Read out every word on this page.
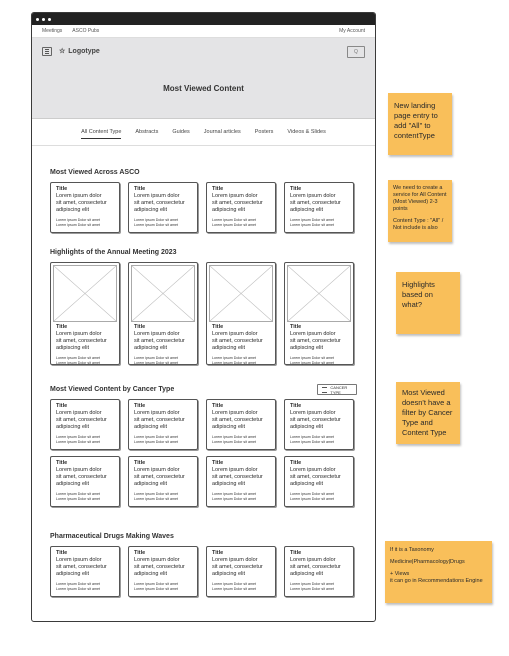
Meetings ASCO Pubs	My Account
☆ Logotype	Q
Most Viewed Content
All Content Type	Abstracts	Guides	Journal articles	Posters	Videos & Slides
Most Viewed Across ASCO
Title
Lorem ipsum dolor
sit amet, consectetur
adipiscing elit
Lorem ipsum Dolor sit amet
Lorem ipsum Dolor sit amet
Title
Lorem ipsum dolor
sit amet, consectetur
adipiscing elit
Lorem ipsum Dolor sit amet
Lorem ipsum Dolor sit amet
Title
Lorem ipsum dolor
sit amet, consectetur
adipiscing elit
Lorem ipsum Dolor sit amet
Lorem ipsum Dolor sit amet
Title
Lorem ipsum dolor
sit amet, consectetur
adipiscing elit
Lorem ipsum Dolor sit amet
Lorem ipsum Dolor sit amet
Highlights of the Annual Meeting 2023
Title
Lorem ipsum dolor
sit amet, consectetur
adipiscing elit
Lorem ipsum Dolor sit amet
Lorem ipsum Dolor sit amet
Title
Lorem ipsum dolor
sit amet, consectetur
adipiscing elit
Lorem ipsum Dolor sit amet
Lorem ipsum Dolor sit amet
Title
Lorem ipsum dolor
sit amet, consectetur
adipiscing elit
Lorem ipsum Dolor sit amet
Lorem ipsum Dolor sit amet
Title
Lorem ipsum dolor
sit amet, consectetur
adipiscing elit
Lorem ipsum Dolor sit amet
Lorem ipsum Dolor sit amet
Most Viewed Content by Cancer Type	CANCER TYPE
Title
Lorem ipsum dolor
sit amet, consectetur
adipiscing elit
Lorem ipsum Dolor sit amet
Lorem ipsum Dolor sit amet
Title
Lorem ipsum dolor
sit amet, consectetur
adipiscing elit
Lorem ipsum Dolor sit amet
Lorem ipsum Dolor sit amet
Title
Lorem ipsum dolor
sit amet, consectetur
adipiscing elit
Lorem ipsum Dolor sit amet
Lorem ipsum Dolor sit amet
Title
Lorem ipsum dolor
sit amet, consectetur
adipiscing elit
Lorem ipsum Dolor sit amet
Lorem ipsum Dolor sit amet
Title
Lorem ipsum dolor
sit amet, consectetur
adipiscing elit
Lorem ipsum Dolor sit amet
Lorem ipsum Dolor sit amet
Title
Lorem ipsum dolor
sit amet, consectetur
adipiscing elit
Lorem ipsum Dolor sit amet
Lorem ipsum Dolor sit amet
Title
Lorem ipsum dolor
sit amet, consectetur
adipiscing elit
Lorem ipsum Dolor sit amet
Lorem ipsum Dolor sit amet
Title
Lorem ipsum dolor
sit amet, consectetur
adipiscing elit
Lorem ipsum Dolor sit amet
Lorem ipsum Dolor sit amet
Pharmaceutical Drugs Making Waves
Title
Lorem ipsum dolor
sit amet, consectetur
adipiscing elit
Lorem ipsum Dolor sit amet
Lorem ipsum Dolor sit amet
Title
Lorem ipsum dolor
sit amet, consectetur
adipiscing elit
Lorem ipsum Dolor sit amet
Lorem ipsum Dolor sit amet
Title
Lorem ipsum dolor
sit amet, consectetur
adipiscing elit
Lorem ipsum Dolor sit amet
Lorem ipsum Dolor sit amet
Title
Lorem ipsum dolor
sit amet, consectetur
adipiscing elit
Lorem ipsum Dolor sit amet
Lorem ipsum Dolor sit amet
New landing page entry to add "All" to contentType
We need to create a service for All Content (Most Viewed) 2-3 points
Content Type : "All" / Not include is also
Highlights based on what?
Most Viewed doesn't have a filter by Cancer Type and Content Type
If it is a Taxonomy
Medicine|Pharmacology|Drugs
+ Views
it can go in Recommendations Engine
